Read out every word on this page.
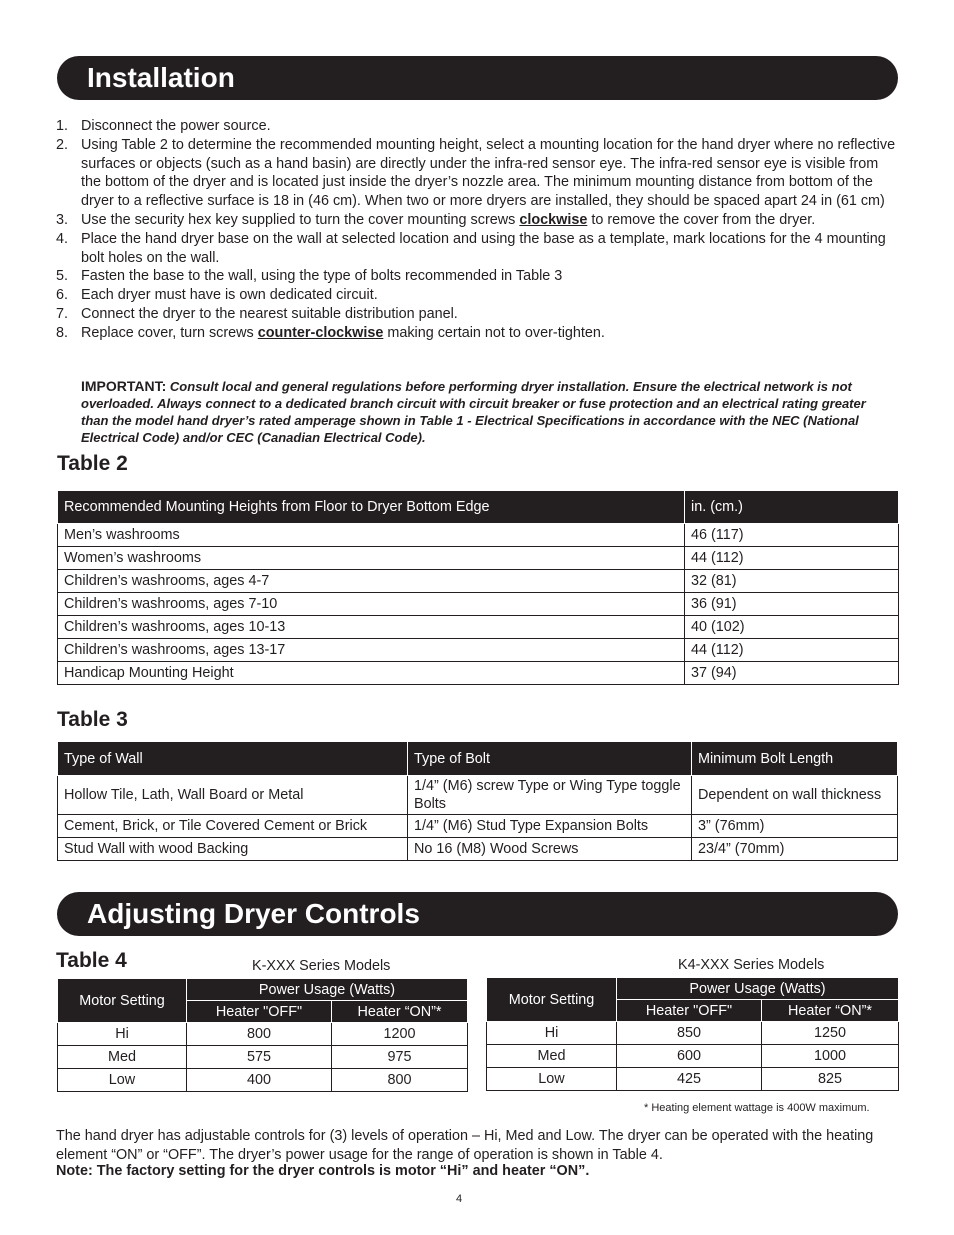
Installation
1. Disconnect the power source.
2. Using Table 2 to determine the recommended mounting height, select a mounting location for the hand dryer where no reflective surfaces or objects (such as a hand basin) are directly under the infra-red sensor eye. The infra-red sensor eye is visible from the bottom of the dryer and is located just inside the dryer’s nozzle area. The minimum mounting distance from bottom of the dryer to a reflective surface is 18 in (46 cm). When two or more dryers are installed, they should be spaced apart 24 in (61 cm)
3. Use the security hex key supplied to turn the cover mounting screws clockwise to remove the cover from the dryer.
4. Place the hand dryer base on the wall at selected location and using the base as a template, mark locations for the 4 mounting bolt holes on the wall.
5. Fasten the base to the wall, using the type of bolts recommended in Table 3
6. Each dryer must have is own dedicated circuit.
7. Connect the dryer to the nearest suitable distribution panel.
8. Replace cover, turn screws counter-clockwise making certain not to over-tighten.
IMPORTANT: Consult local and general regulations before performing dryer installation. Ensure the electrical network is not overloaded. Always connect to a dedicated branch circuit with circuit breaker or fuse protection and an electrical rating greater than the model hand dryer’s rated amperage shown in Table 1 - Electrical Specifications in accordance with the NEC (National Electrical Code) and/or CEC (Canadian Electrical Code).
Table 2
Recommended Mounting Heights from Floor to Dryer Bottom Edge	in. (cm.)
Men’s washrooms	46 (117)
Women’s washrooms	44 (112)
Children’s washrooms, ages 4-7	32 (81)
Children’s washrooms, ages 7-10	36 (91)
Children’s washrooms, ages 10-13	40 (102)
Children’s washrooms, ages 13-17	44 (112)
Handicap Mounting Height	37 (94)
Table 3
Type of Wall	Type of Bolt	Minimum Bolt Length
Hollow Tile, Lath, Wall Board or Metal	1/4” (M6) screw Type or Wing Type toggle Bolts	Dependent on wall thickness
Cement, Brick, or Tile Covered Cement or Brick	1/4” (M6) Stud Type Expansion Bolts	3” (76mm)
Stud Wall with wood Backing	No 16 (M8) Wood Screws	23/4” (70mm)
Adjusting Dryer Controls
Table 4	K-XXX Series Models	K4-XXX Series Models
Motor Setting	Power Usage (Watts)	
	Heater "OFF"	Heater “ON”*
Hi	800	1200
Med	575	975
Low	400	800
Motor Setting	Power Usage (Watts)	
	Heater "OFF"	Heater “ON”*
Hi	850	1250
Med	600	1000
Low	425	825
* Heating element wattage is 400W maximum.
The hand dryer has adjustable controls for (3) levels of operation – Hi, Med and Low. The dryer can be operated with the heating element “ON” or “OFF”. The dryer’s power usage for the range of operation is shown in Table 4.
Note: The factory setting for the dryer controls is motor “Hi” and heater “ON”.
4
